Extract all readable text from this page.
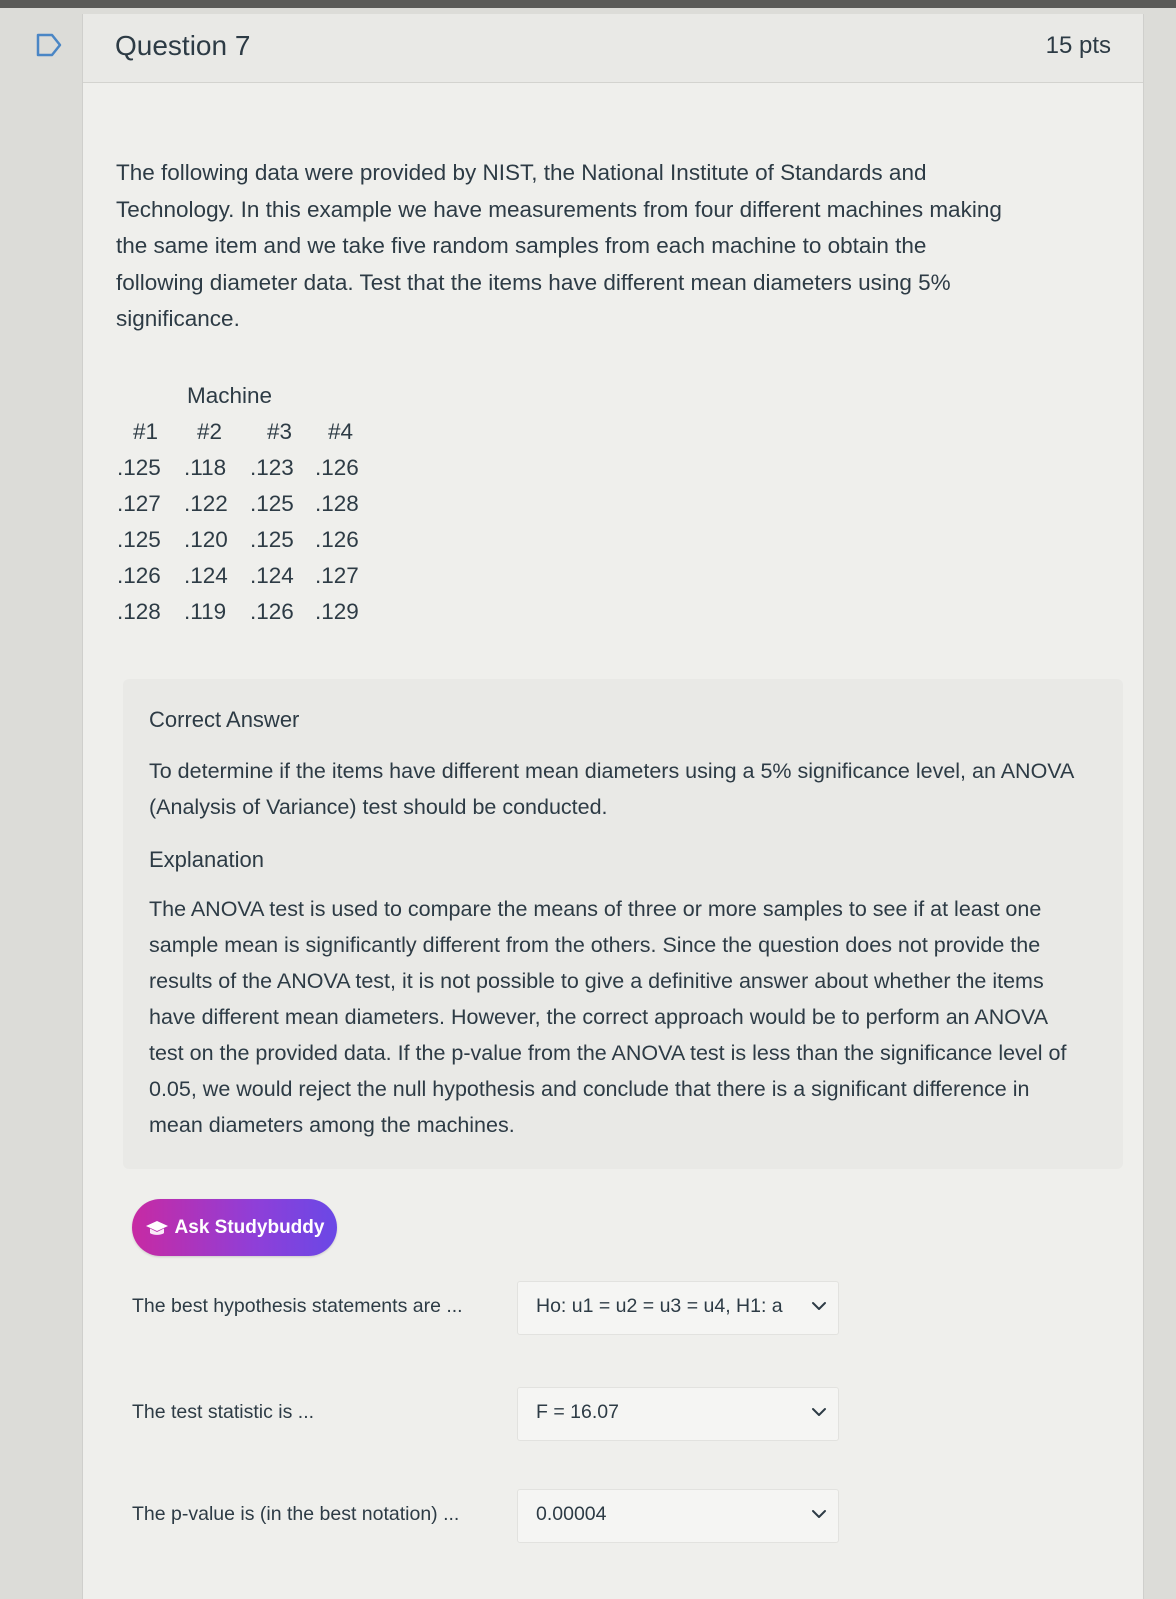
Question 7	15 pts
The following data were provided by NIST, the National Institute of Standards and Technology. In this example we have measurements from four different machines making the same item and we take five random samples from each machine to obtain the following diameter data. Test that the items have different mean diameters using 5% significance.
Machine
#1 #2 #3 #4
.125 .118 .123 .126
.127 .122 .125 .128
.125 .120 .125 .126
.126 .124 .124 .127
.128 .119 .126 .129
Correct Answer
To determine if the items have different mean diameters using a 5% significance level, an ANOVA (Analysis of Variance) test should be conducted.
Explanation
The ANOVA test is used to compare the means of three or more samples to see if at least one sample mean is significantly different from the others. Since the question does not provide the results of the ANOVA test, it is not possible to give a definitive answer about whether the items have different mean diameters. However, the correct approach would be to perform an ANOVA test on the provided data. If the p-value from the ANOVA test is less than the significance level of 0.05, we would reject the null hypothesis and conclude that there is a significant difference in mean diameters among the machines.
Ask Studybuddy
The best hypothesis statements are ...	Ho: u1 = u2 = u3 = u4, H1: a
The test statistic is ...	F = 16.07
The p-value is (in the best notation) ...	0.00004
